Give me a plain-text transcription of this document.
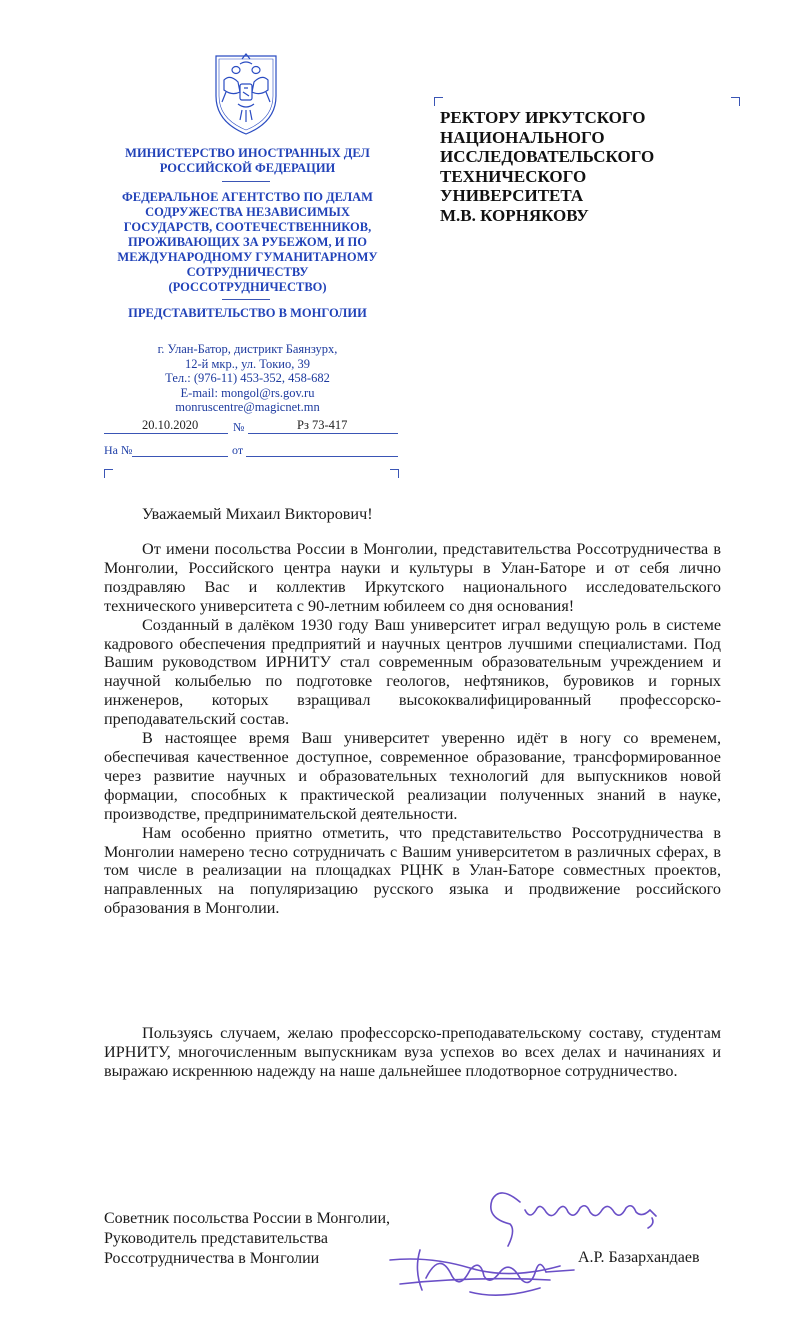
МИНИСТЕРСТВО ИНОСТРАННЫХ ДЕЛ
РОССИЙСКОЙ ФЕДЕРАЦИИ
ФЕДЕРАЛЬНОЕ АГЕНТСТВО ПО ДЕЛАМ
СОДРУЖЕСТВА НЕЗАВИСИМЫХ
ГОСУДАРСТВ, СООТЕЧЕСТВЕННИКОВ,
ПРОЖИВАЮЩИХ ЗА РУБЕЖОМ, И ПО
МЕЖДУНАРОДНОМУ ГУМАНИТАРНОМУ
СОТРУДНИЧЕСТВУ
(РОССОТРУДНИЧЕСТВО)
ПРЕДСТАВИТЕЛЬСТВО В МОНГОЛИИ
г. Улан-Батор, дистрикт Баянзурх,
12-й мкр., ул. Токио, 39
Тел.: (976-11) 453-352, 458-682
E-mail: mongol@rs.gov.ru
monruscentre@magicnet.mn
20.10.2020	№	Рз 73-417
На №	от
РЕКТОРУ ИРКУТСКОГО
НАЦИОНАЛЬНОГО
ИССЛЕДОВАТЕЛЬСКОГО
ТЕХНИЧЕСКОГО
УНИВЕРСИТЕТА
М.В. КОРНЯКОВУ
Уважаемый Михаил Викторович!

От имени посольства России в Монголии, представительства Россотрудничества в Монголии, Российского центра науки и культуры в Улан-Баторе и от себя лично поздравляю Вас и коллектив Иркутского национального исследовательского технического университета с 90-летним юбилеем со дня основания!

Созданный в далёком 1930 году Ваш университет играл ведущую роль в системе кадрового обеспечения предприятий и научных центров лучшими специалистами. Под Вашим руководством ИРНИТУ стал современным образовательным учреждением и научной колыбелью по подготовке геологов, нефтяников, буровиков и горных инженеров, которых взращивал высококвалифицированный профессорско-преподавательский состав.

В настоящее время Ваш университет уверенно идёт в ногу со временем, обеспечивая качественное доступное, современное образование, трансформированное через развитие научных и образовательных технологий для выпускников новой формации, способных к практической реализации полученных знаний в науке, производстве, предпринимательской деятельности.

Нам особенно приятно отметить, что представительство Россотрудничества в Монголии намерено тесно сотрудничать с Вашим университетом в различных сферах, в том числе в реализации на площадках РЦНК в Улан-Баторе совместных проектов, направленных на популяризацию русского языка и продвижение российского образования в Монголии.

Пользуясь случаем, желаю профессорско-преподавательскому составу, студентам ИРНИТУ, многочисленным выпускникам вуза успехов во всех делах и начинаниях и выражаю искреннюю надежду на наше дальнейшее плодотворное сотрудничество.

Советник посольства России в Монголии,
Руководитель представительства
Россотрудничества в Монголии	А.Р. Базархандаев
